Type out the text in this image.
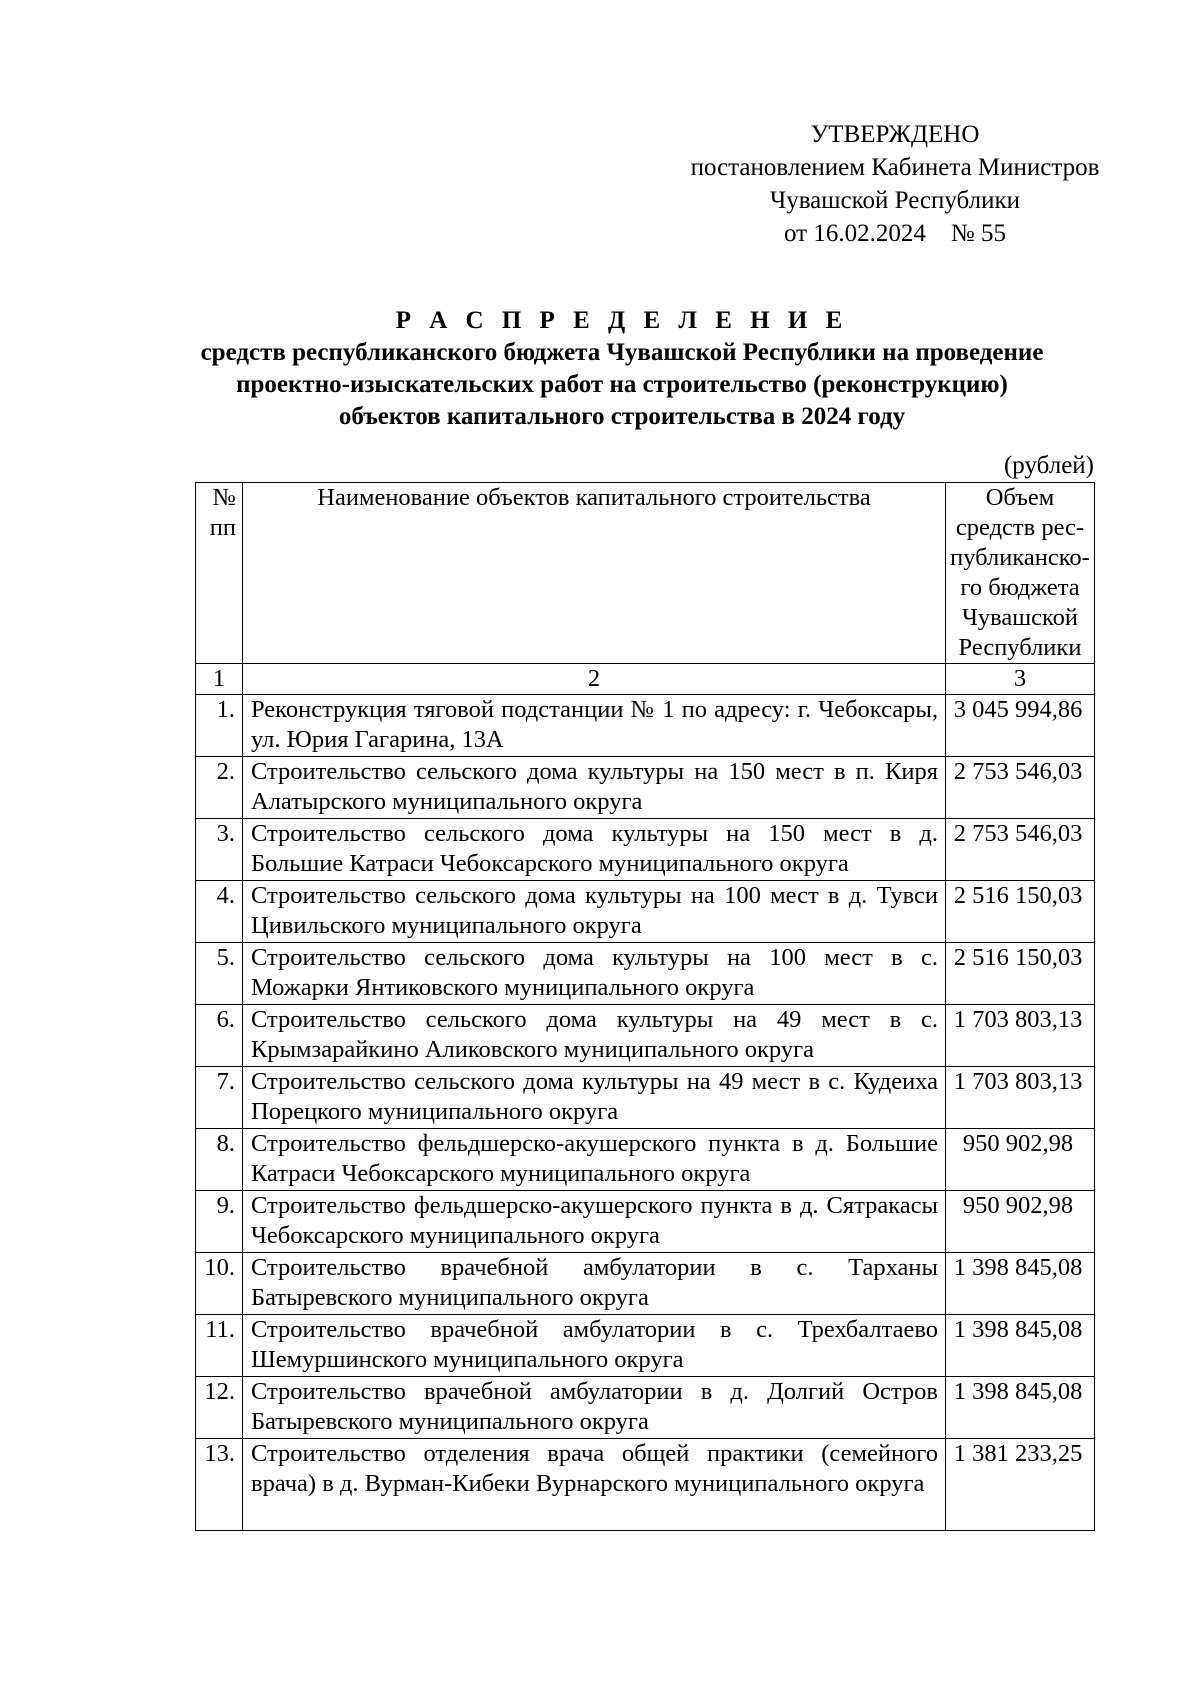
УТВЕРЖДЕНО
постановлением Кабинета Министров
Чувашской Республики
от 16.02.2024    № 55
Р А С П Р Е Д Е Л Е Н И Е
средств республиканского бюджета Чувашской Республики на проведение
проектно-изыскательских работ на строительство (реконструкцию)
объектов капитального строительства в 2024 году
(рублей)
№ пп	Наименование объектов капитального строительства	Объем средств рес-публиканско-го бюджета Чувашской Республики
1	2	3
1.	Реконструкция тяговой подстанции № 1 по адресу: г. Чебоксары, ул. Юрия Гагарина, 13А	3 045 994,86
2.	Строительство сельского дома культуры на 150 мест в п. Киря Алатырского муниципального округа	2 753 546,03
3.	Строительство сельского дома культуры на 150 мест в д. Большие Катраси Чебоксарского муниципального округа	2 753 546,03
4.	Строительство сельского дома культуры на 100 мест в д. Тувси Цивильского муниципального округа	2 516 150,03
5.	Строительство сельского дома культуры на 100 мест в с. Можарки Янтиковского муниципального округа	2 516 150,03
6.	Строительство сельского дома культуры на 49 мест в с. Крымзарайкино Аликовского муниципального округа	1 703 803,13
7.	Строительство сельского дома культуры на 49 мест в с. Кудеиха Порецкого муниципального округа	1 703 803,13
8.	Строительство фельдшерско-акушерского пункта в д. Большие Катраси Чебоксарского муниципального округа	950 902,98
9.	Строительство фельдшерско-акушерского пункта в д. Сятракасы Чебоксарского муниципального округа	950 902,98
10.	Строительство врачебной амбулатории в с. Тарханы Батыревского муниципального округа	1 398 845,08
11.	Строительство врачебной амбулатории в с. Трехбалтаево Шемуршинского муниципального округа	1 398 845,08
12.	Строительство врачебной амбулатории в д. Долгий Остров Батыревского муниципального округа	1 398 845,08
13.	Строительство отделения врача общей практики (семейного врача) в д. Вурман-Кибеки Вурнарского муниципального округа	1 381 233,25
